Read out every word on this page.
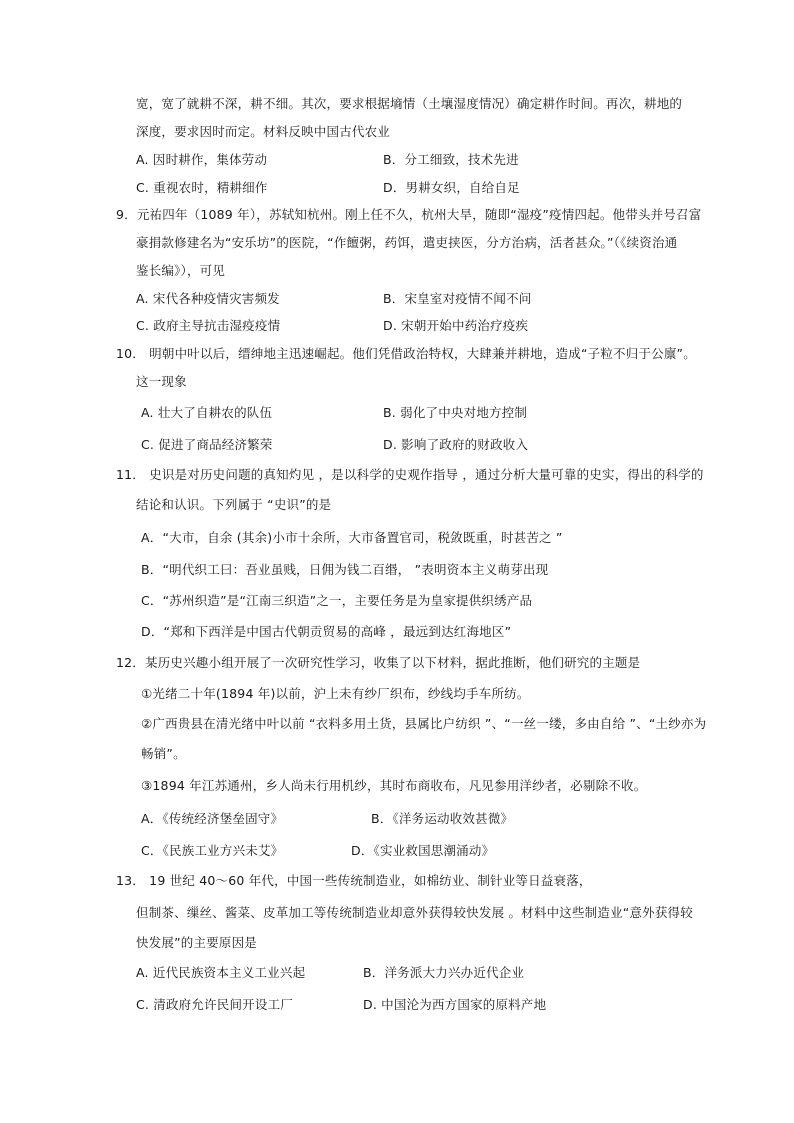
宽，宽了就耕不深，耕不细。其次，要求根据墒情（土壤湿度情况）确定耕作时间。再次，耕地的
深度，要求因时而定。材料反映中国古代农业
A. 因时耕作，集体劳动	B．分工细致，技术先进
C. 重视农时，精耕细作	D．男耕女织，自给自足
9．元祐四年（1089 年），苏轼知杭州。刚上任不久，杭州大旱，随即“湿疫”疫情四起。他带头并号召富
豪捐款修建名为“安乐坊”的医院，“作饘粥，药饵，遣吏挟医，分方治病，活者甚众。”（《续资治通
鉴长编》），可见
A. 宋代各种疫情灾害频发	B．宋皇室对疫情不闻不问
C. 政府主导抗击湿疫疫情	D. 宋朝开始中药治疗疫疾
10． 明朝中叶以后，缙绅地主迅速崛起。他们凭借政治特权，大肆兼并耕地，造成“子粒不归于公廪”。
这一现象
A. 壮大了自耕农的队伍	B. 弱化了中央对地方控制
C. 促进了商品经济繁荣	D. 影响了政府的财政收入
11． 史识是对历史问题的真知灼见 ，是以科学的史观作指导 ，通过分析大量可靠的史实，得出的科学的
结论和认识。下列属于 “史识”的是
A．“大市，自余 (其余)小市十余所，大市备置官司，税敛既重，时甚苦之 ”
B．“明代织工曰：吾业虽贱，日佣为钱二百缗， ”表明资本主义萌芽出现
C．“苏州织造”是“江南三织造”之一，主要任务是为皇家提供织绣产品
D．“郑和下西洋是中国古代朝贡贸易的高峰 ，最远到达红海地区”
12．某历史兴趣小组开展了一次研究性学习，收集了以下材料，据此推断，他们研究的主题是
①光绪二十年(1894 年)以前，沪上未有纱厂织布，纱线均手车所纺。
②广西贵县在清光绪中叶以前 “衣料多用土货，县属比户纺织 ”、“一丝一缕，多由自给 ”、“土纱亦为
畅销”。
③1894 年江苏通州，乡人尚未行用机纱，其时布商收布，凡见参用洋纱者，必剔除不收。
A．《传统经济堡垒固守》	B．《洋务运动收效甚微》
C．《民族工业方兴未艾》	D．《实业救国思潮涌动》
13． 19 世纪 40～60 年代，中国一些传统制造业，如棉纺业、制针业等日益衰落，
但制茶、缫丝、酱菜、皮革加工等传统制造业却意外获得较快发展 。材料中这些制造业“意外获得较
快发展”的主要原因是
A. 近代民族资本主义工业兴起	B．洋务派大力兴办近代企业
C. 清政府允许民间开设工厂	D. 中国沦为西方国家的原料产地
